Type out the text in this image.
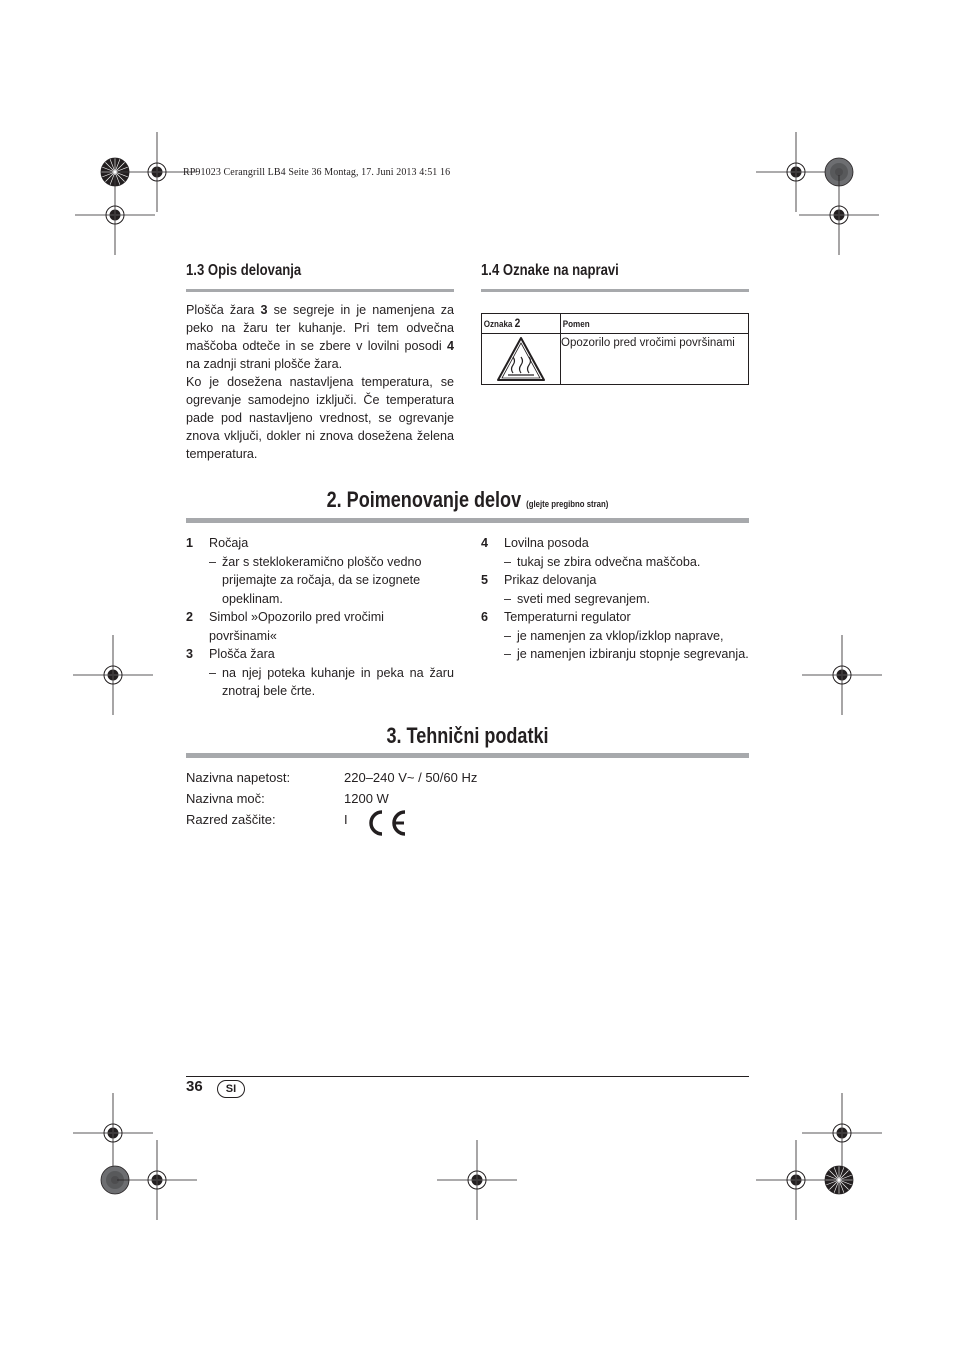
RP91023 Cerangrill LB4 Seite 36 Montag, 17. Juni 2013 4:51 16
1.3 Opis delovanja

Plošča žara 3 se segreje in je namenjena za peko na žaru ter kuhanje. Pri tem odvečna maščoba odteče in se zbere v lovilni posodi 4 na zadnji strani plošče žara.

Ko je dosežena nastavljena temperatura, se ogrevanje samodejno izključi. Če temperatura pade pod nastavljeno vrednost, se ogrevanje znova vključi, dokler ni znova dosežena želena temperatura.

1.4 Oznake na napravi
Oznaka 2	Pomen

	Opozorilo pred vročimi površinami
2. Poimenovanje delov (glejte pregibno stran)
1 Ročaja
– žar s steklokeramično ploščo vedno prijemajte za ročaja, da se izognete opeklinam.
2 Simbol »Opozorilo pred vročimi površinami«
3 Plošča žara
– na njej poteka kuhanje in peka na žaru znotraj bele črte.
4 Lovilna posoda
– tukaj se zbira odvečna maščoba.
5 Prikaz delovanja
– sveti med segrevanjem.
6 Temperaturni regulator
– je namenjen za vklop/izklop naprave,
– je namenjen izbiranju stopnje segrevanja.
3. Tehnični podatki
Nazivna napetost:	220–240 V~ / 50/60 Hz
Nazivna moč:	1200 W
Razred zaščite:	I
36	SI
